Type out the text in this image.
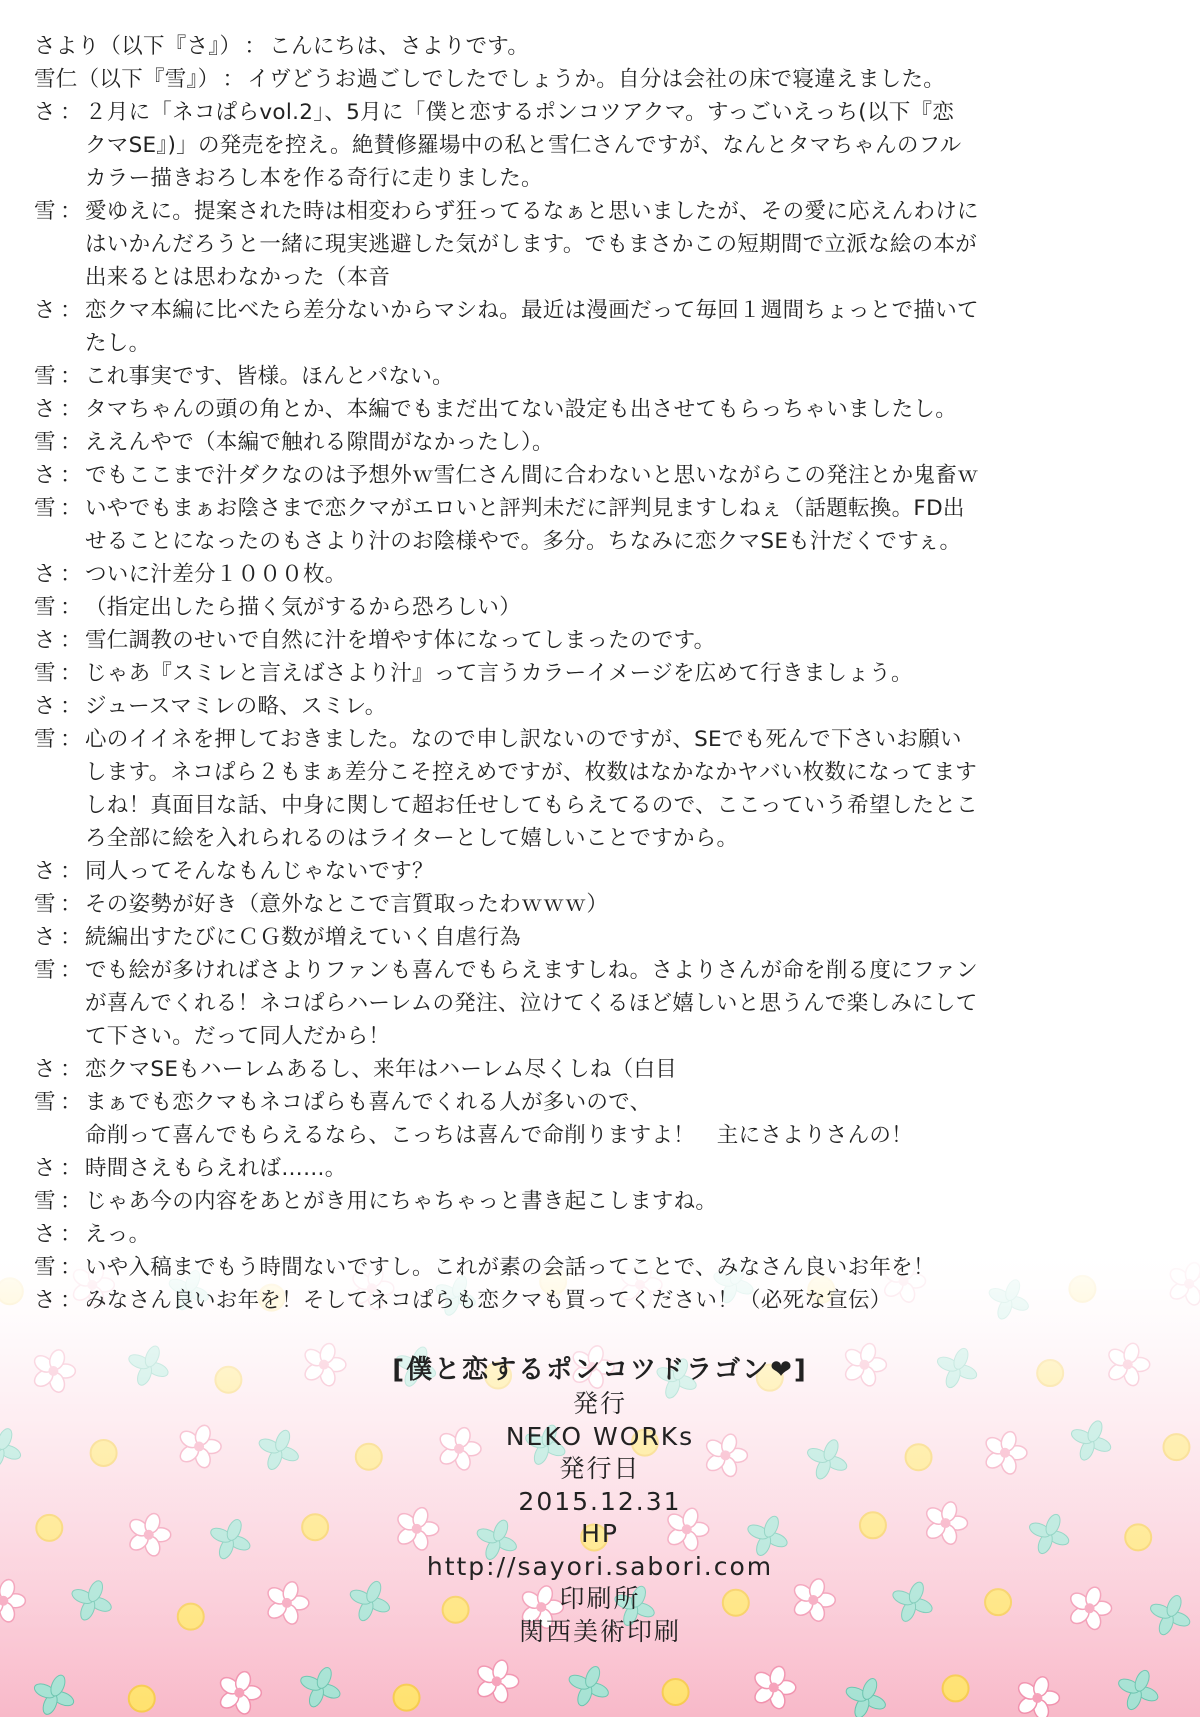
さより（以下『さ』） ： こんにちは、さよりです。
雪仁（以下『雪』） ： イヴどうお過ごしでしたでしょうか。自分は会社の床で寝違えました。
さ ： ２月に「ネコぱらvol.2」、5月に「僕と恋するポンコツアクマ。すっごいえっち(以下『恋
クマSE』)」の発売を控え。絶賛修羅場中の私と雪仁さんですが、なんとタマちゃんのフル
カラー描きおろし本を作る奇行に走りました。
雪 ： 愛ゆえに。提案された時は相変わらず狂ってるなぁと思いましたが、その愛に応えんわけに
はいかんだろうと一緒に現実逃避した気がします。でもまさかこの短期間で立派な絵の本が
出来るとは思わなかった（本音
さ ： 恋クマ本編に比べたら差分ないからマシね。最近は漫画だって毎回１週間ちょっとで描いて
たし。
雪 ： これ事実です、皆様。ほんとパない。
さ ： タマちゃんの頭の角とか、本編でもまだ出てない設定も出させてもらっちゃいましたし。
雪 ： ええんやで（本編で触れる隙間がなかったし）。
さ ： でもここまで汁ダクなのは予想外ｗ雪仁さん間に合わないと思いながらこの発注とか鬼畜ｗ
雪 ： いやでもまぁお陰さまで恋クマがエロいと評判未だに評判見ますしねぇ（話題転換。FD出
せることになったのもさより汁のお陰様やで。多分。ちなみに恋クマSEも汁だくですぇ。
さ ： ついに汁差分１０００枚。
雪 ： （指定出したら描く気がするから恐ろしい）
さ ： 雪仁調教のせいで自然に汁を増やす体になってしまったのです。
雪 ： じゃあ『スミレと言えばさより汁』って言うカラーイメージを広めて行きましょう。
さ ： ジュースマミレの略、スミレ。
雪 ： 心のイイネを押しておきました。なので申し訳ないのですが、SEでも死んで下さいお願い
します。ネコぱら２もまぁ差分こそ控えめですが、枚数はなかなかヤバい枚数になってます
しね！真面目な話、中身に関して超お任せしてもらえてるので、ここっていう希望したとこ
ろ全部に絵を入れられるのはライターとして嬉しいことですから。
さ ： 同人ってそんなもんじゃないです？
雪 ： その姿勢が好き（意外なとこで言質取ったわｗｗｗ）
さ ： 続編出すたびにＣＧ数が増えていく自虐行為
雪 ： でも絵が多ければさよりファンも喜んでもらえますしね。さよりさんが命を削る度にファン
が喜んでくれる！ネコぱらハーレムの発注、泣けてくるほど嬉しいと思うんで楽しみにして
て下さい。だって同人だから！
さ ： 恋クマSEもハーレムあるし、来年はハーレム尽くしね（白目
雪 ： まぁでも恋クマもネコぱらも喜んでくれる人が多いので、
命削って喜んでもらえるなら、こっちは喜んで命削りますよ！　主にさよりさんの！
さ ： 時間さえもらえれば……。
雪 ： じゃあ今の内容をあとがき用にちゃちゃっと書き起こしますね。
さ ： えっ。
雪 ： いや入稿までもう時間ないですし。これが素の会話ってことで、みなさん良いお年を！
さ ： みなさん良いお年を！そしてネコぱらも恋クマも買ってください！（必死な宣伝）
[僕と恋するポンコツドラゴン❤]
発行
NEKO WORKs
発行日
2015.12.31
HP
http://sayori.sabori.com
印刷所
関西美術印刷
